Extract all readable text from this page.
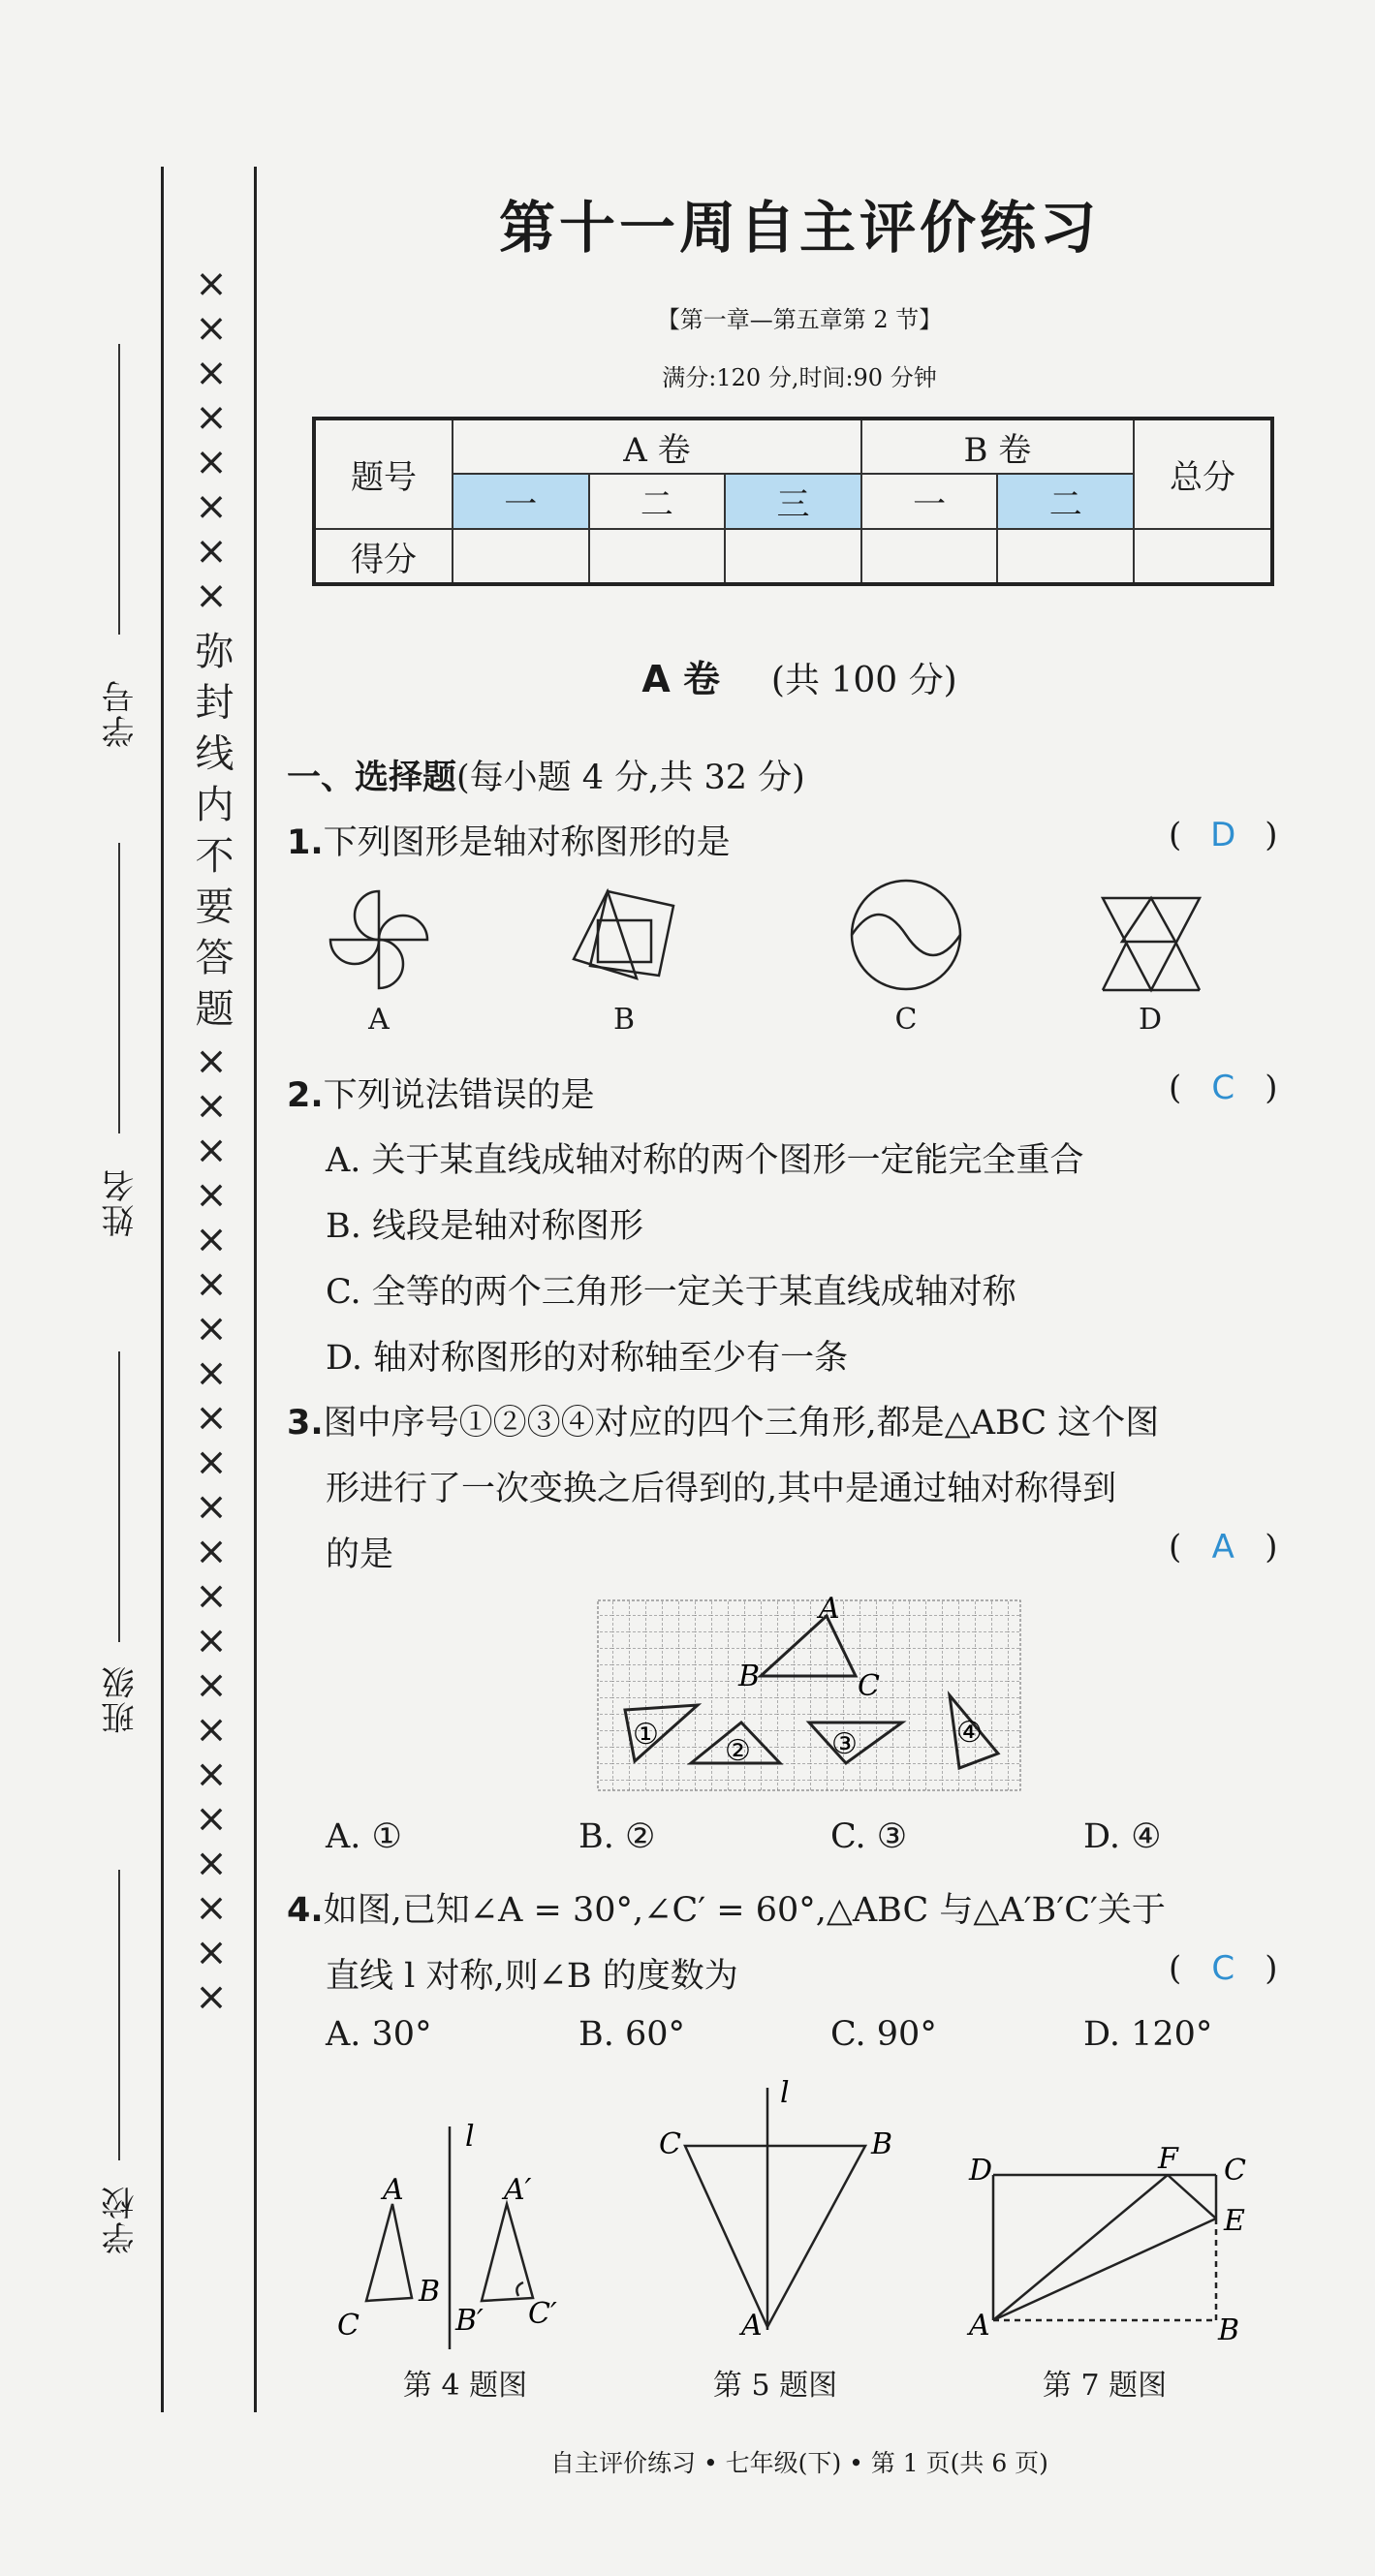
学校
班级
姓名
学号 ×××××××× 弥 封 线 内 不 要 答 题 ××××××××××××××××××××××
第十一周自主评价练习
【第一章—第五章第 2 节】
满分:120 分,时间:90 分钟
题号	A 卷			B 卷		总分
	一	二	三	一	二	
得分						
A 卷 (共 100 分)
一、选择题(每小题 4 分,共 32 分)
1.下列图形是轴对称图形的是	( D )
A	B	C	D
2.下列说法错误的是	( C )
A. 关于某直线成轴对称的两个图形一定能完全重合
B. 线段是轴对称图形
C. 全等的两个三角形一定关于某直线成轴对称
D. 轴对称图形的对称轴至少有一条
3.图中序号①②③④对应的四个三角形,都是△ABC 这个图
形进行了一次变换之后得到的,其中是通过轴对称得到
的是	( A )
A
B	C
① ②	③	④
A. ①	B. ②	C. ③	D. ④
4.如图,已知∠A = 30°,∠C′ = 60°,△ABC 与△A′B′C′关于
直线 l 对称,则∠B 的度数为	( C )
A. 30°	B. 60°	C. 90°	D. 120°
l
A
B
C
A′
B′ C′
l
C	B
A
D	F C
E
A	B
第 4 题图	第 5 题图	第 7 题图
自主评价练习 • 七年级(下) • 第 1 页(共 6 页)
